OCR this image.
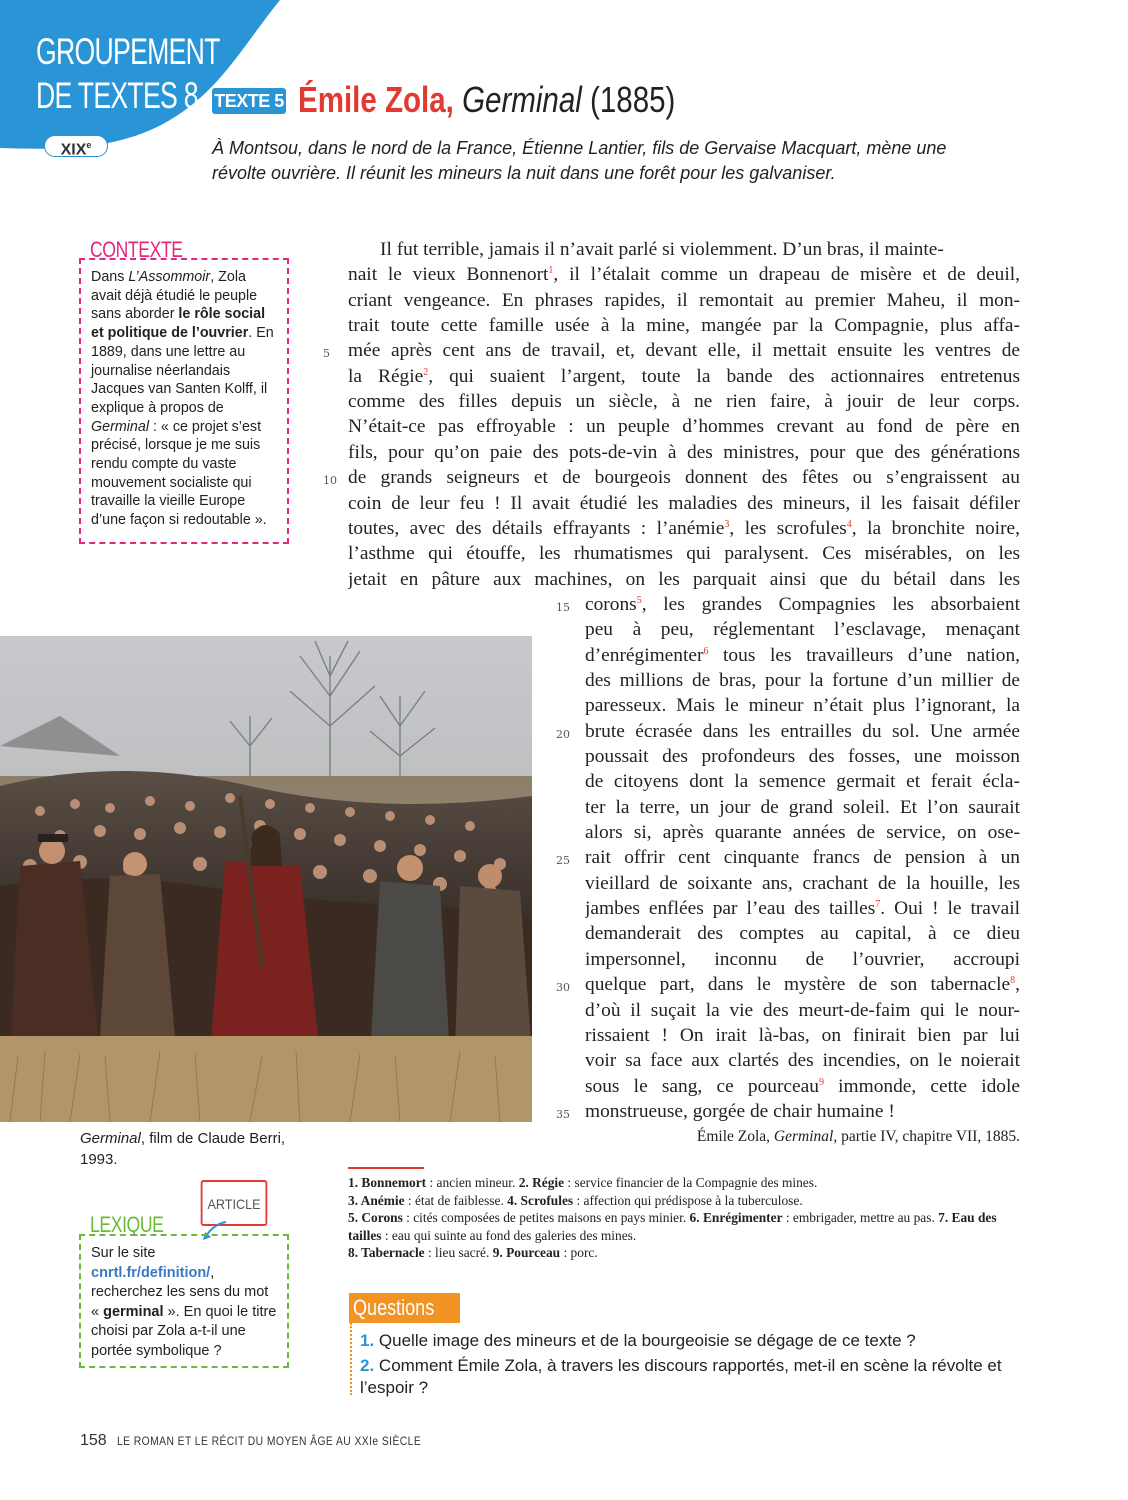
GROUPEMENT
DE TEXTES 8
XIXe
TEXTE 5 Émile Zola, Germinal (1885)
À Montsou, dans le nord de la France, Étienne Lantier, fils de Gervaise Macquart, mène une révolte ouvrière. Il réunit les mineurs la nuit dans une forêt pour les galvaniser.
CONTEXTE
Dans L’Assommoir, Zola avait déjà étudié le peuple sans aborder le rôle social et politique de l’ouvrier. En 1889, dans une lettre au journalise néerlandais Jacques van Santen Kolff, il explique à propos de Germinal : « ce projet s’est précisé, lorsque je me suis rendu compte du vaste mouvement socialiste qui travaille la vieille Europe d’une façon si redoutable ».
Il fut terrible, jamais il n’avait parlé si violemment. D’un bras, il mainte-
nait le vieux Bonnenort$^1$, il l’étalait comme un drapeau de misère et de deuil,
criant vengeance. En phrases rapides, il remontait au premier Maheu, il mon-
trait toute cette famille usée à la mine, mangée par la Compagnie, plus affa-
mée après cent ans de travail, et, devant elle, il mettait ensuite les ventres de
la Régie$^2$, qui suaient l’argent, toute la bande des actionnaires entretenus
comme des filles depuis un siècle, à ne rien faire, à jouir de leur corps.
N’était-ce pas effroyable : un peuple d’hommes crevant au fond de père en
fils, pour qu’on paie des pots-de-vin à des ministres, pour que des générations
de grands seigneurs et de bourgeois donnent des fêtes ou s’engraissent au
coin de leur feu ! Il avait étudié les maladies des mineurs, il les faisait défiler
toutes, avec des détails effrayants : l’anémie$^3$, les scrofules$^4$, la bronchite noire,
l’asthme qui étouffe, les rhumatismes qui paralysent. Ces misérables, on les
jetait en pâture aux machines, on les parquait ainsi que du bétail dans les
corons$^5$, les grandes Compagnies les absorbaient
peu à peu, réglementant l’esclavage, menaçant
d’enrégimenter$^6$ tous les travailleurs d’une nation,
des millions de bras, pour la fortune d’un millier de
paresseux. Mais le mineur n’était plus l’ignorant, la
brute écrasée dans les entrailles du sol. Une armée
poussait des profondeurs des fosses, une moisson
de citoyens dont la semence germait et ferait écla-
ter la terre, un jour de grand soleil. Et l’on saurait
alors si, après quarante années de service, on ose-
rait offrir cent cinquante francs de pension à un
vieillard de soixante ans, crachant de la houille, les
jambes enflées par l’eau des tailles$^7$. Oui ! le travail
demanderait des comptes au capital, à ce dieu
impersonnel, inconnu de l’ouvrier, accroupi
quelque part, dans le mystère de son tabernacle$^8$,
d’où il suçait la vie des meurt-de-faim qui le nour-
rissaient ! On irait là-bas, on finirait bien par lui
voir sa face aux clartés des incendies, on le noierait
sous le sang, ce pourceau$^9$ immonde, cette idole
monstrueuse, gorgée de chair humaine !
5
10
15
20
25
30
35
Émile Zola, Germinal, partie IV, chapitre VII, 1885.
Germinal, film de Claude Berri, 1993.
ARTICLE
LEXIQUE
Sur le site cnrtl.fr/definition/, recherchez les sens du mot « germinal ». En quoi le titre choisi par Zola a-t-il une portée symbolique ?
1. Bonnemort : ancien mineur. 2. Régie : service financier de la Compagnie des mines.
3. Anémie : état de faiblesse. 4. Scrofules : affection qui prédispose à la tuberculose.
5. Corons : cités composées de petites maisons en pays minier. 6. Enrégimenter : embrigader, mettre au pas. 7. Eau des tailles : eau qui suinte au fond des galeries des mines.
8. Tabernacle : lieu sacré. 9. Pourceau : porc.
Questions
1. Quelle image des mineurs et de la bourgeoisie se dégage de ce texte ?
2. Comment Émile Zola, à travers les discours rapportés, met-il en scène la révolte et l’espoir ?
158 LE ROMAN ET LE RÉCIT DU MOYEN ÂGE AU XXIe SIÈCLE
